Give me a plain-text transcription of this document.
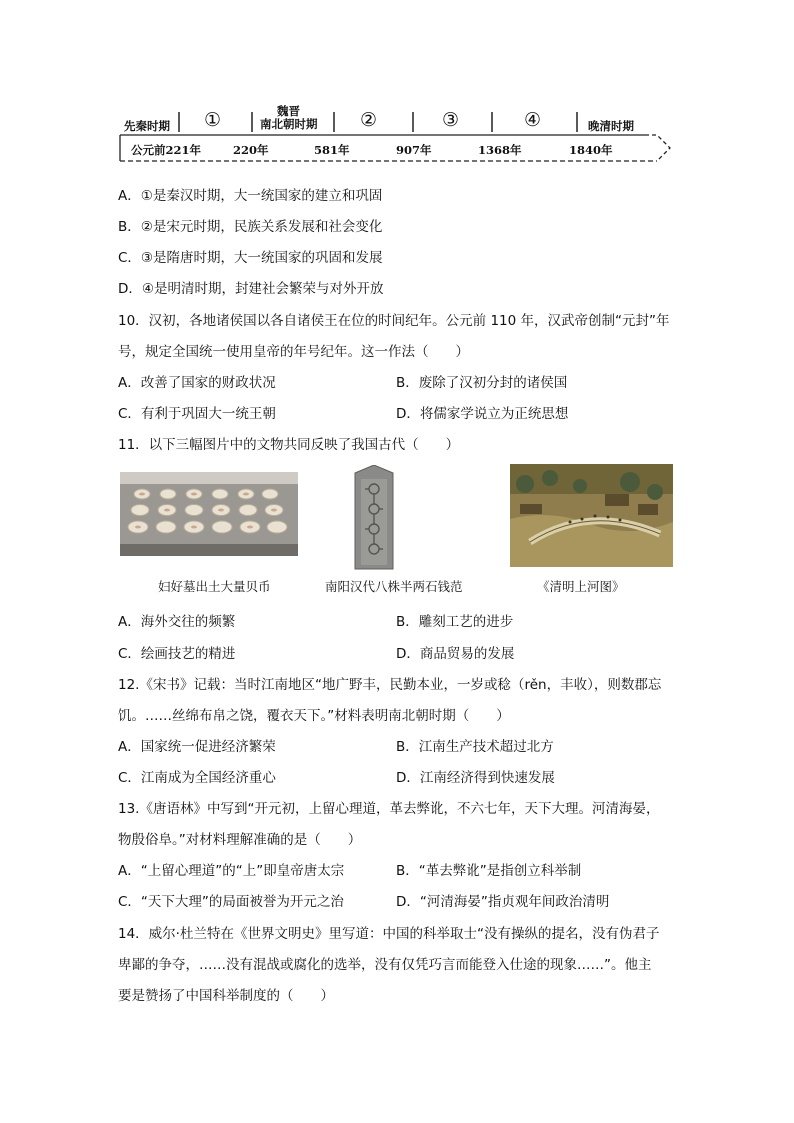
先秦时期 ①	魏晋
南北朝时期 ②	③	④	晚清时期
公元前221年	220年	581年	907年	1368年	1840年
A．①是秦汉时期，大一统国家的建立和巩固
B．②是宋元时期，民族关系发展和社会变化
C．③是隋唐时期，大一统国家的巩固和发展
D．④是明清时期，封建社会繁荣与对外开放
10．汉初，各地诸侯国以各自诸侯王在位的时间纪年。公元前 110 年，汉武帝创制“元封”年
号，规定全国统一使用皇帝的年号纪年。这一作法（　　）
A．改善了国家的财政状况	B．废除了汉初分封的诸侯国
C．有利于巩固大一统王朝	D．将儒家学说立为正统思想
11．以下三幅图片中的文物共同反映了我国古代（　　）
妇好墓出土大量贝币	南阳汉代八株半两石钱范	《清明上河图》
A．海外交往的频繁	B．雕刻工艺的进步
C．绘画技艺的精进	D．商品贸易的发展
12.《宋书》记载：当时江南地区“地广野丰，民勤本业，一岁或稔（rěn，丰收），则数郡忘
饥。……丝绵布帛之饶，覆衣天下。”材料表明南北朝时期（　　）
A．国家统一促进经济繁荣	B．江南生产技术超过北方
C．江南成为全国经济重心	D．江南经济得到快速发展
13.《唐语林》中写到“开元初，上留心理道，革去弊讹，不六七年，天下大理。河清海晏，
物殷俗阜。”对材料理解准确的是（　　）
A．“上留心理道”的“上”即皇帝唐太宗	B．“革去弊讹”是指创立科举制
C．“天下大理”的局面被誉为开元之治	D．“河清海晏”指贞观年间政治清明
14．威尔·杜兰特在《世界文明史》里写道：中国的科举取士“没有操纵的提名，没有伪君子
卑鄙的争夺，……没有混战或腐化的选举，没有仅凭巧言而能登入仕途的现象……”。他主
要是赞扬了中国科举制度的（　　）
